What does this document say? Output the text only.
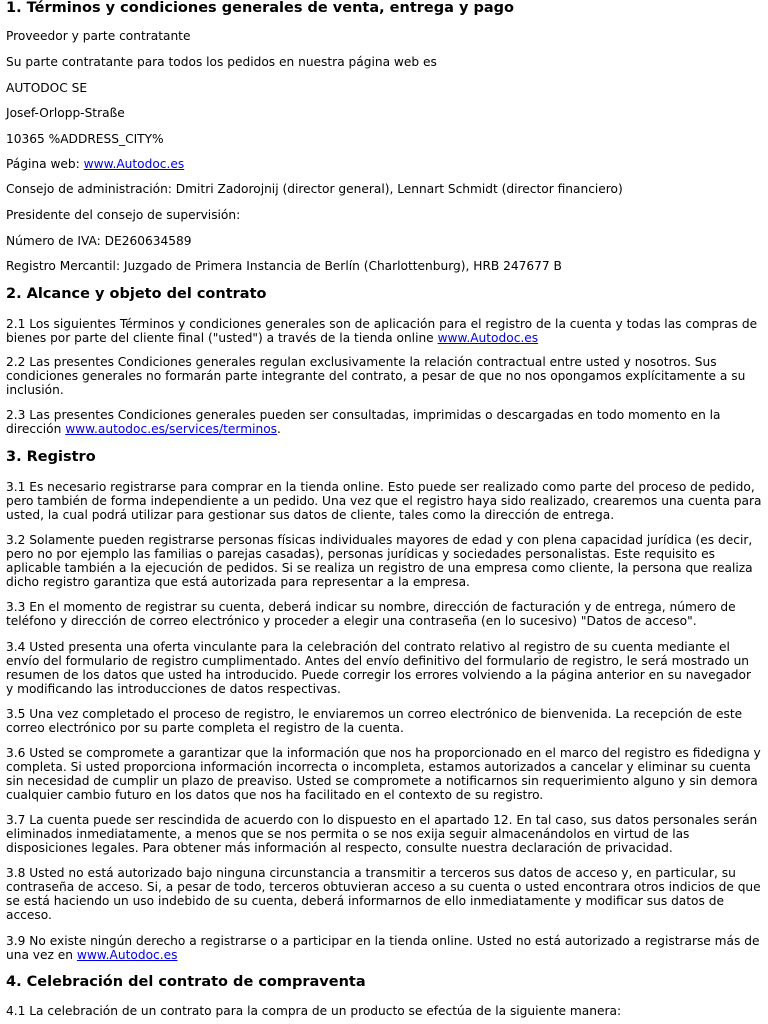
1. Términos y condiciones generales de venta, entrega y pago

Proveedor y parte contratante

Su parte contratante para todos los pedidos en nuestra página web es

AUTODOC SE

Josef-Orlopp-Straße

10365 %ADDRESS_CITY%

Página web: www.Autodoc.es

Consejo de administración: Dmitri Zadorojnij (director general), Lennart Schmidt (director financiero)

Presidente del consejo de supervisión:

Número de IVA: DE260634589

Registro Mercantil: Juzgado de Primera Instancia de Berlín (Charlottenburg), HRB 247677 B

2. Alcance y objeto del contrato

2.1 Los siguientes Términos y condiciones generales son de aplicación para el registro de la cuenta y todas las compras de bienes por parte del cliente final ("usted") a través de la tienda online www.Autodoc.es

2.2 Las presentes Condiciones generales regulan exclusivamente la relación contractual entre usted y nosotros. Sus condiciones generales no formarán parte integrante del contrato, a pesar de que no nos opongamos explícitamente a su inclusión.

2.3 Las presentes Condiciones generales pueden ser consultadas, imprimidas o descargadas en todo momento en la dirección www.autodoc.es/services/terminos.

3. Registro

3.1 Es necesario registrarse para comprar en la tienda online. Esto puede ser realizado como parte del proceso de pedido, pero también de forma independiente a un pedido. Una vez que el registro haya sido realizado, crearemos una cuenta para usted, la cual podrá utilizar para gestionar sus datos de cliente, tales como la dirección de entrega.

3.2 Solamente pueden registrarse personas físicas individuales mayores de edad y con plena capacidad jurídica (es decir, pero no por ejemplo las familias o parejas casadas), personas jurídicas y sociedades personalistas. Este requisito es aplicable también a la ejecución de pedidos. Si se realiza un registro de una empresa como cliente, la persona que realiza dicho registro garantiza que está autorizada para representar a la empresa.

3.3 En el momento de registrar su cuenta, deberá indicar su nombre, dirección de facturación y de entrega, número de teléfono y dirección de correo electrónico y proceder a elegir una contraseña (en lo sucesivo) "Datos de acceso".

3.4 Usted presenta una oferta vinculante para la celebración del contrato relativo al registro de su cuenta mediante el envío del formulario de registro cumplimentado. Antes del envío definitivo del formulario de registro, le será mostrado un resumen de los datos que usted ha introducido. Puede corregir los errores volviendo a la página anterior en su navegador y modificando las introducciones de datos respectivas.

3.5 Una vez completado el proceso de registro, le enviaremos un correo electrónico de bienvenida. La recepción de este correo electrónico por su parte completa el registro de la cuenta.

3.6 Usted se compromete a garantizar que la información que nos ha proporcionado en el marco del registro es fidedigna y completa. Si usted proporciona información incorrecta o incompleta, estamos autorizados a cancelar y eliminar su cuenta sin necesidad de cumplir un plazo de preaviso. Usted se compromete a notificarnos sin requerimiento alguno y sin demora cualquier cambio futuro en los datos que nos ha facilitado en el contexto de su registro.

3.7 La cuenta puede ser rescindida de acuerdo con lo dispuesto en el apartado 12. En tal caso, sus datos personales serán eliminados inmediatamente, a menos que se nos permita o se nos exija seguir almacenándolos en virtud de las disposiciones legales. Para obtener más información al respecto, consulte nuestra declaración de privacidad.

3.8 Usted no está autorizado bajo ninguna circunstancia a transmitir a terceros sus datos de acceso y, en particular, su contraseña de acceso. Si, a pesar de todo, terceros obtuvieran acceso a su cuenta o usted encontrara otros indicios de que se está haciendo un uso indebido de su cuenta, deberá informarnos de ello inmediatamente y modificar sus datos de acceso.

3.9 No existe ningún derecho a registrarse o a participar en la tienda online. Usted no está autorizado a registrarse más de una vez en www.Autodoc.es

4. Celebración del contrato de compraventa

4.1 La celebración de un contrato para la compra de un producto se efectúa de la siguiente manera:
